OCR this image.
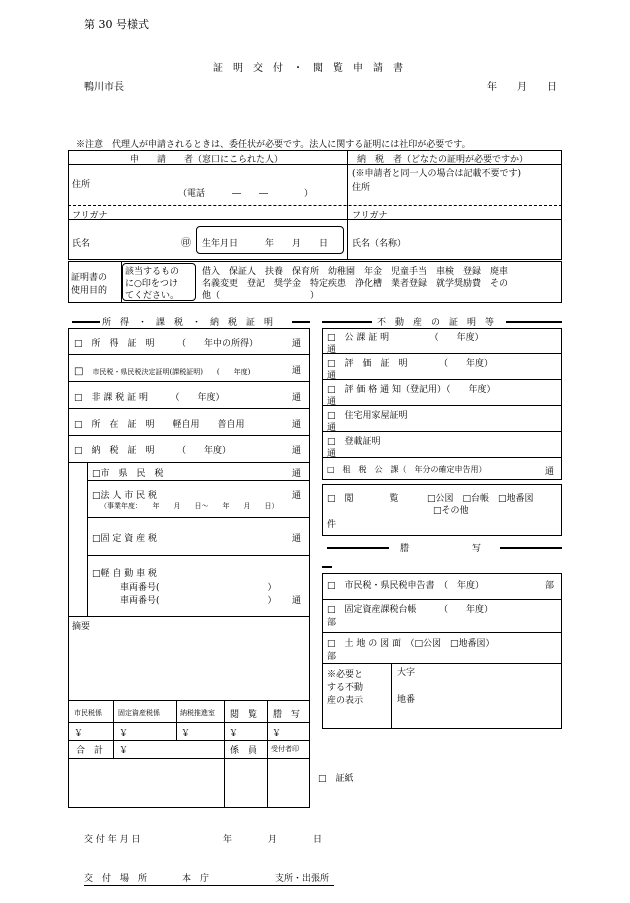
第 30 号様式
証　明　交　付　・　閲　覧　申　請　書
鴨川市長	年　　月　　日
※注意　代理人が申請されるときは、委任状が必要です。法人に関する証明には社印が必要です。
申　　請　　者（窓口にこられた人）
住所
（電話　　　―　　―　　　　）
フリガナ
氏名	㊞ 生年月日　　　年　　月　　日
納　税　者（どなたの証明が必要ですか）
(※申請者と同一人の場合は記載不要です)
住所
フリガナ
氏名（名称）
証明書の
使用目的
該当するもの
に○印をつけ
てください。
借入　保証人　扶養　保育所　幼稚園　年金　児童手当　車検　登録　廃車
名義変更　登記　奨学金　特定疾患　浄化槽　業者登録　就学奨励費　その
他（　　　　　　　　　　）
所　得　・　課　税　・　納　税　証　明
□　所　得　証　明　　　（　　年中の所得）	通
□　 市民税・県民税決定証明(課税証明)　　(　　年度)	通
□　非 課 税 証 明　　　（　　年度）	通
□　所　在　証　明　　軽自用　　普自用	通
□　納　税　証　明　　　（　　年度）	通
□市　県　民　税	通
□法 人 市 民 税	通
（事業年度：　　年　　月　　日～　　年　　月　　日）
□固 定 資 産 税	通
□軽 自 動 車 税
車両番号(　　　　　　　　　　　　）
車両番号(　　　　　　　　　　　　） 通
摘要
市民税係 固定資産税係	納税推進室 閲　覧 謄　写
￥	￥	￥	￥	￥
合　計 ￥	係　員 受付者印
不　動　産　の　証　明　等
□　公 課 証 明　　　　　（　　年度）
通
□　評　価　証　明　　　　（　　年度）
通
□　評 価 格 通 知（登記用）（　　年度）
通
□　住宅用家屋証明
通
□　登載証明
通
□　租　税　公　課（　年分の確定申告用）	通
□　閲　　　　覧	□公図　□台帳　□地番図
□その他
件
謄　　　　　　　写
□　市民税・県民税申告書　（　年度）	部
□　固定資産課税台帳　　　（　　年度）
部
□　土 地 の 図 面　（□公図　□地番図）
部
※必要と
する不動
産の表示
大字
地番
□　証紙
交 付 年 月 日	年　　　　月　　　　日
交　付　場　所	本　庁	支所・出張所
